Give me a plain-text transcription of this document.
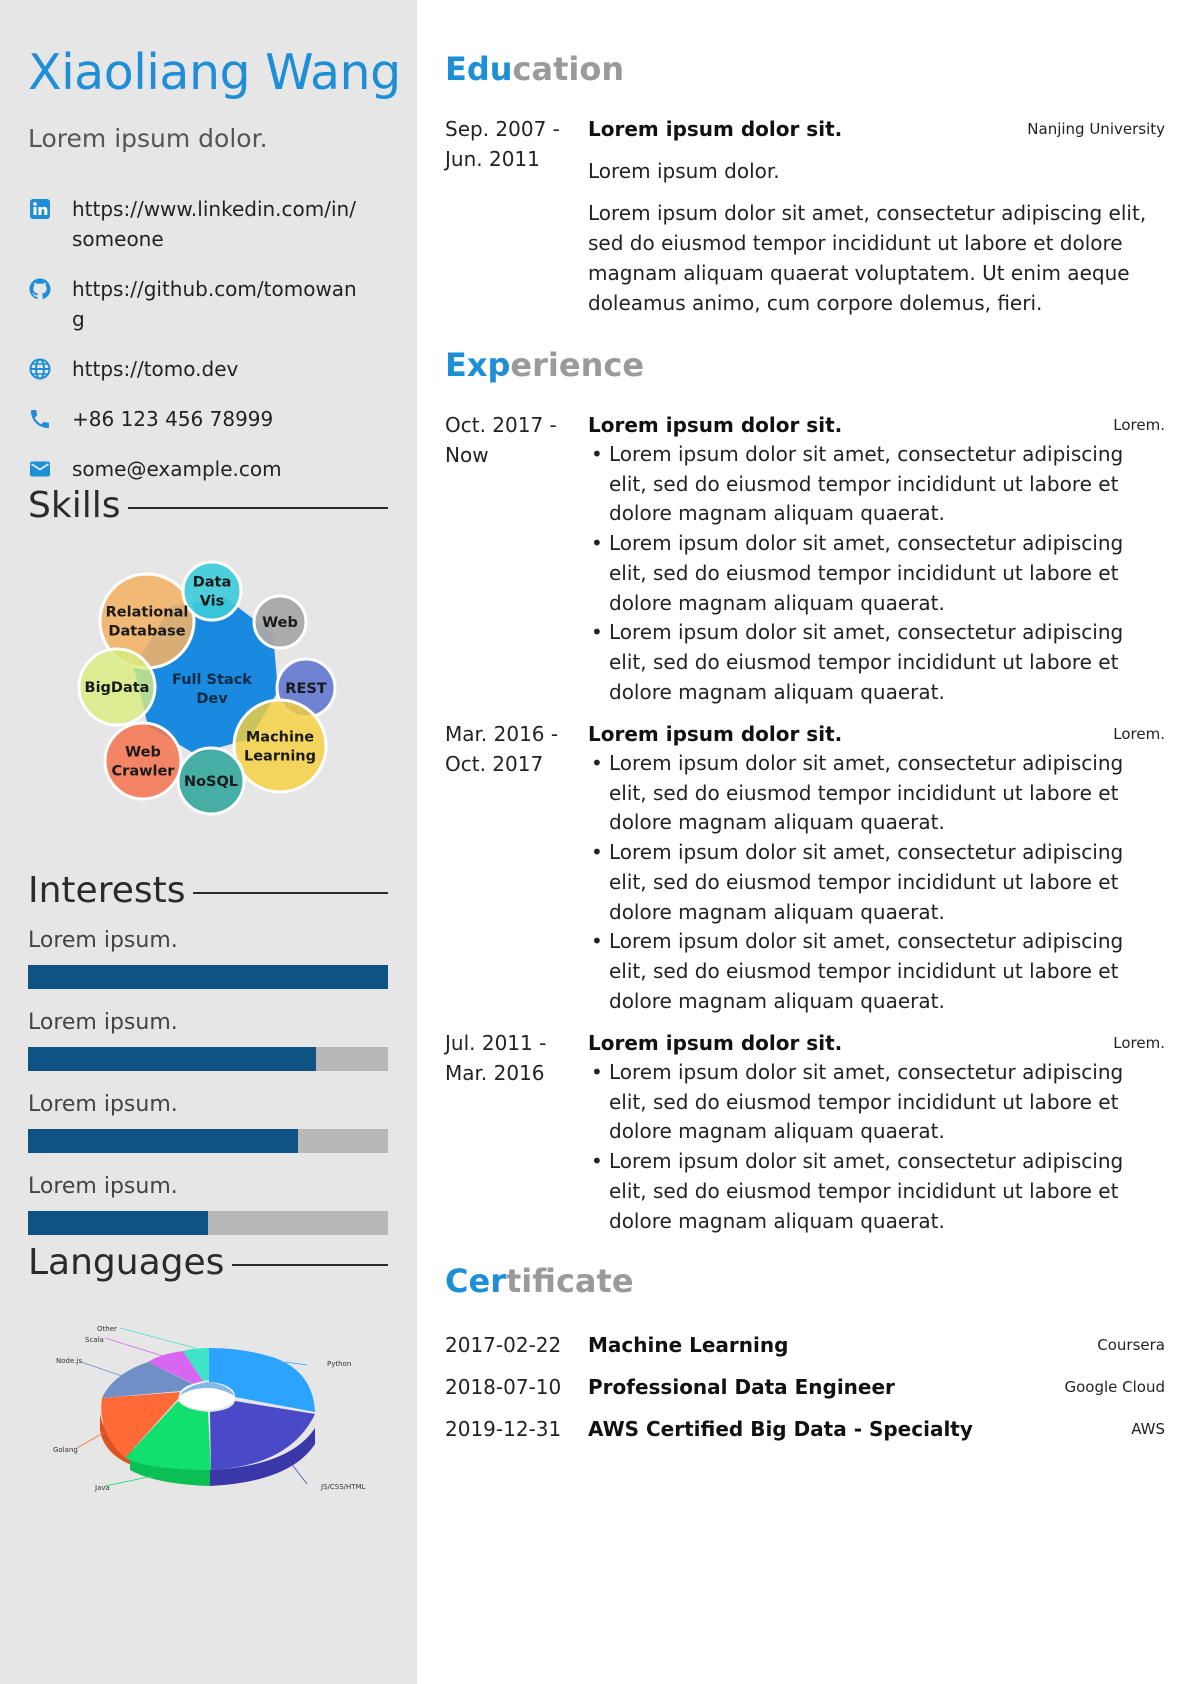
Xiaoliang Wang
Lorem ipsum dolor.
https://www.linkedin.com/in/someone
https://github.com/tomowang
https://tomo.dev
+86 123 456 78999
some@example.com
Skills
Full Stack Dev
Data Vis
Web
REST
Machine Learning
NoSQL
Web Crawler
BigData
Relational Database
Interests
Lorem ipsum.
Lorem ipsum.
Lorem ipsum.
Lorem ipsum.
Languages
Python
JS/CSS/HTML
Java
Golang
Node.js
Scala
Other
Education
Sep. 2007 - Jun. 2011
Lorem ipsum dolor sit.	Nanjing University

Lorem ipsum dolor.

Lorem ipsum dolor sit amet, consectetur adipiscing elit, sed do eiusmod tempor incididunt ut labore et dolore magnam aliquam quaerat voluptatem. Ut enim aeque doleamus animo, cum corpore dolemus, fieri.

Experience
Oct. 2017 - Now
Lorem ipsum dolor sit.	Lorem.
• Lorem ipsum dolor sit amet, consectetur adipiscing elit, sed do eiusmod tempor incididunt ut labore et dolore magnam aliquam quaerat.
• Lorem ipsum dolor sit amet, consectetur adipiscing elit, sed do eiusmod tempor incididunt ut labore et dolore magnam aliquam quaerat.
• Lorem ipsum dolor sit amet, consectetur adipiscing elit, sed do eiusmod tempor incididunt ut labore et dolore magnam aliquam quaerat.
Mar. 2016 - Oct. 2017
Lorem ipsum dolor sit.	Lorem.
• Lorem ipsum dolor sit amet, consectetur adipiscing elit, sed do eiusmod tempor incididunt ut labore et dolore magnam aliquam quaerat.
• Lorem ipsum dolor sit amet, consectetur adipiscing elit, sed do eiusmod tempor incididunt ut labore et dolore magnam aliquam quaerat.
• Lorem ipsum dolor sit amet, consectetur adipiscing elit, sed do eiusmod tempor incididunt ut labore et dolore magnam aliquam quaerat.
Jul. 2011 - Mar. 2016
Lorem ipsum dolor sit.	Lorem.
• Lorem ipsum dolor sit amet, consectetur adipiscing elit, sed do eiusmod tempor incididunt ut labore et dolore magnam aliquam quaerat.
• Lorem ipsum dolor sit amet, consectetur adipiscing elit, sed do eiusmod tempor incididunt ut labore et dolore magnam aliquam quaerat.
Certificate
2017-02-22 Machine Learning	Coursera
2018-07-10 Professional Data Engineer	Google Cloud
2019-12-31 AWS Certified Big Data - Specialty	AWS
